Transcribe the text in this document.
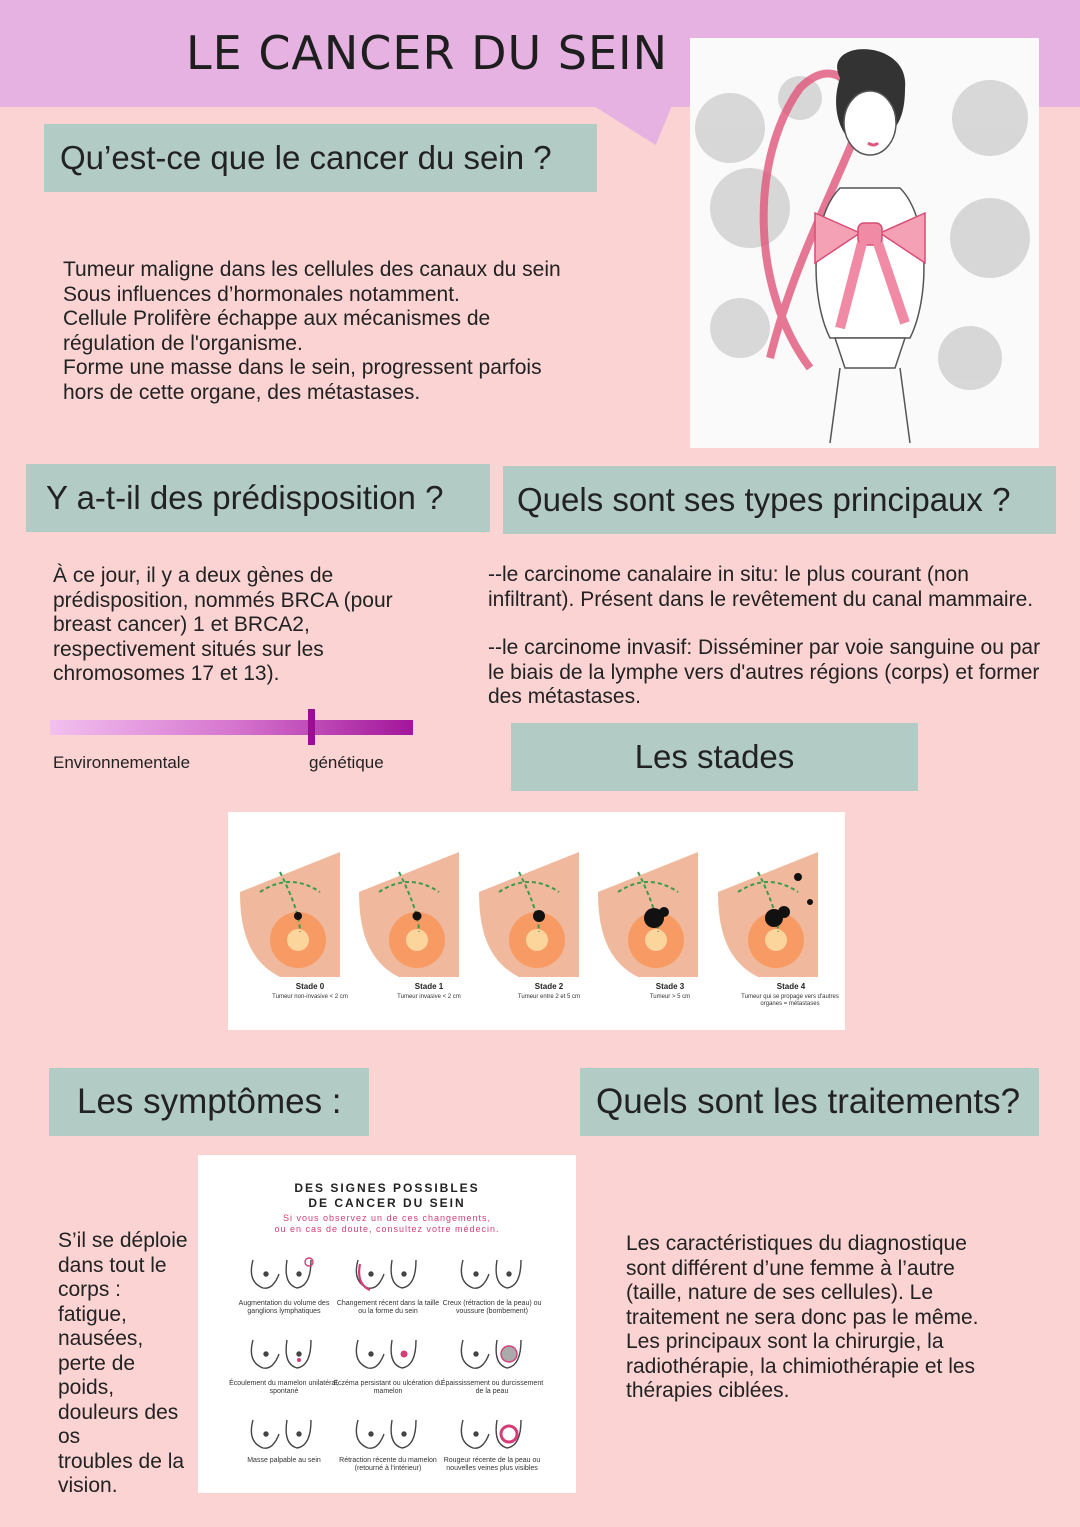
LE CANCER DU SEIN
Qu’est-ce que le cancer du sein ?

Tumeur maligne dans les cellules des canaux du sein

Sous influences d’hormonales notamment.

Cellule Prolifère échappe aux mécanismes de

régulation de l'organisme.

Forme une masse dans le sein, progressent parfois

hors de cette organe, des métastases.

Y a-t-il des prédisposition ?

À ce jour, il y a deux gènes de

prédisposition, nommés BRCA (pour

breast cancer) 1 et BRCA2,

respectivement situés sur les

chromosomes 17 et 13).

Environnementale	génétique
Quels sont ses types principaux ?

--le carcinome canalaire in situ: le plus courant (non

infiltrant). Présent dans le revêtement du canal mammaire.

--le carcinome invasif: Disséminer par voie sanguine ou par

le biais de la lymphe vers d'autres régions (corps) et former

des métastases.

Les stades
Stade 0
Tumeur non-invasive < 2 cm
Stade 1
Tumeur invasive < 2 cm
Stade 2
Tumeur entre 2 et 5 cm
Stade 3
Tumeur > 5 cm
Stade 4
Tumeur qui se propage vers d'autres organes = métastases
Les symptômes :

S’il se déploie

dans tout le

corps :

fatigue,

nausées,

perte de

poids,

douleurs des

os

troubles de la

vision.

DES SIGNES POSSIBLES
DE CANCER DU SEIN
Si vous observez un de ces changements,
ou en cas de doute, consultez votre médecin.
Augmentation du volume des ganglions lymphatiques
Changement récent dans la taille ou la forme du sein
Creux (rétraction de la peau) ou voussure (bombement)
Écoulement du mamelon unilatéral, spontané
Eczéma persistant ou ulcération du mamelon
Épaississement ou durcissement de la peau
Masse palpable au sein	Rétraction récente du mamelon (retourné à l'intérieur)
Rougeur récente de la peau ou nouvelles veines plus visibles
Quels sont les traitements?

Les caractéristiques du diagnostique

sont différent d’une femme à l’autre

(taille, nature de ses cellules). Le

traitement ne sera donc pas le même.

Les principaux sont la chirurgie, la

radiothérapie, la chimiothérapie et les

thérapies ciblées.
